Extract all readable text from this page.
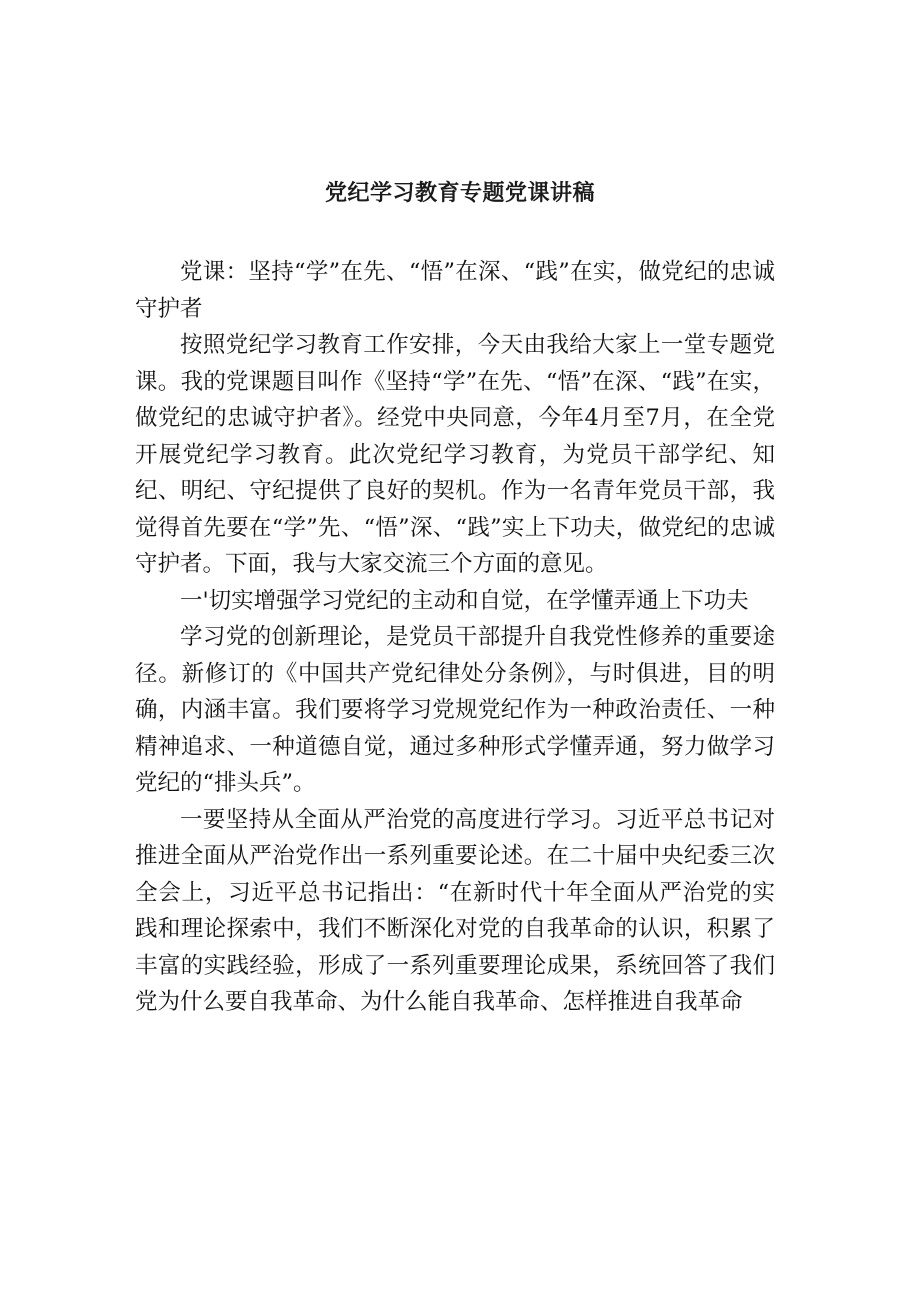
党纪学习教育专题党课讲稿

党课：坚持“学”在先、“悟”在深、“践”在实，做党纪的忠诚守护者

按照党纪学习教育工作安排，今天由我给大家上一堂专题党课。我的党课题目叫作《坚持“学”在先、“悟”在深、“践”在实，做党纪的忠诚守护者》。经党中央同意，今年4月至7月，在全党开展党纪学习教育。此次党纪学习教育，为党员干部学纪、知纪、明纪、守纪提供了良好的契机。作为一名青年党员干部，我觉得首先要在“学”先、“悟”深、“践”实上下功夫，做党纪的忠诚守护者。下面，我与大家交流三个方面的意见。

一'切实增强学习党纪的主动和自觉，在学懂弄通上下功夫

学习党的创新理论，是党员干部提升自我党性修养的重要途径。新修订的《中国共产党纪律处分条例》，与时俱进，目的明确，内涵丰富。我们要将学习党规党纪作为一种政治责任、一种精神追求、一种道德自觉，通过多种形式学懂弄通，努力做学习党纪的“排头兵”。

一要坚持从全面从严治党的高度进行学习。习近平总书记对推进全面从严治党作出一系列重要论述。在二十届中央纪委三次全会上，习近平总书记指出：“在新时代十年全面从严治党的实践和理论探索中，我们不断深化对党的自我革命的认识，积累了丰富的实践经验，形成了一系列重要理论成果，系统回答了我们党为什么要自我革命、为什么能自我革命、怎样推进自我革命
